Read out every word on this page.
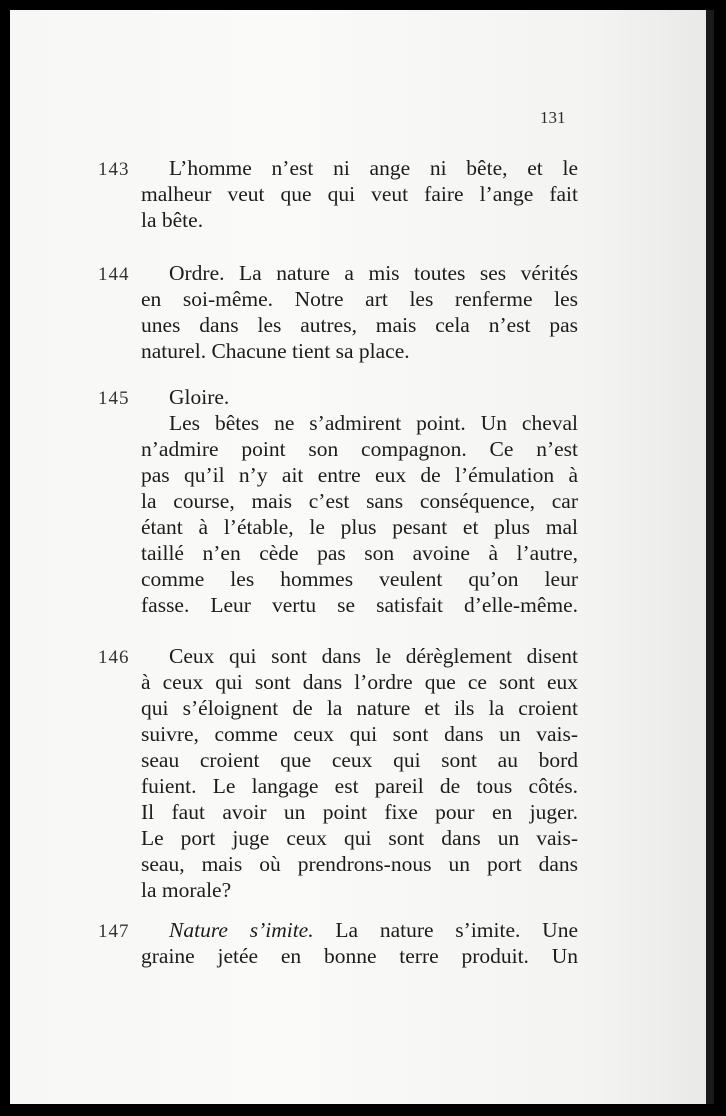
131
143	L’homme n’est ni ange ni bête, et le
malheur veut que qui veut faire l’ange fait
la bête.
144	Ordre. La nature a mis toutes ses vérités
en soi-même. Notre art les renferme les
unes dans les autres, mais cela n’est pas
naturel. Chacune tient sa place.
145	Gloire.
Les bêtes ne s’admirent point. Un cheval
n’admire point son compagnon. Ce n’est
pas qu’il n’y ait entre eux de l’émulation à
la course, mais c’est sans conséquence, car
étant à l’étable, le plus pesant et plus mal
taillé n’en cède pas son avoine à l’autre,
comme les hommes veulent qu’on leur
fasse. Leur vertu se satisfait d’elle-même.
146	Ceux qui sont dans le dérèglement disent
à ceux qui sont dans l’ordre que ce sont eux
qui s’éloignent de la nature et ils la croient
suivre, comme ceux qui sont dans un vais-
seau croient que ceux qui sont au bord
fuient. Le langage est pareil de tous côtés.
Il faut avoir un point fixe pour en juger.
Le port juge ceux qui sont dans un vais-
seau, mais où prendrons-nous un port dans
la morale?
147	Nature s’imite. La nature s’imite. Une
graine jetée en bonne terre produit. Un
